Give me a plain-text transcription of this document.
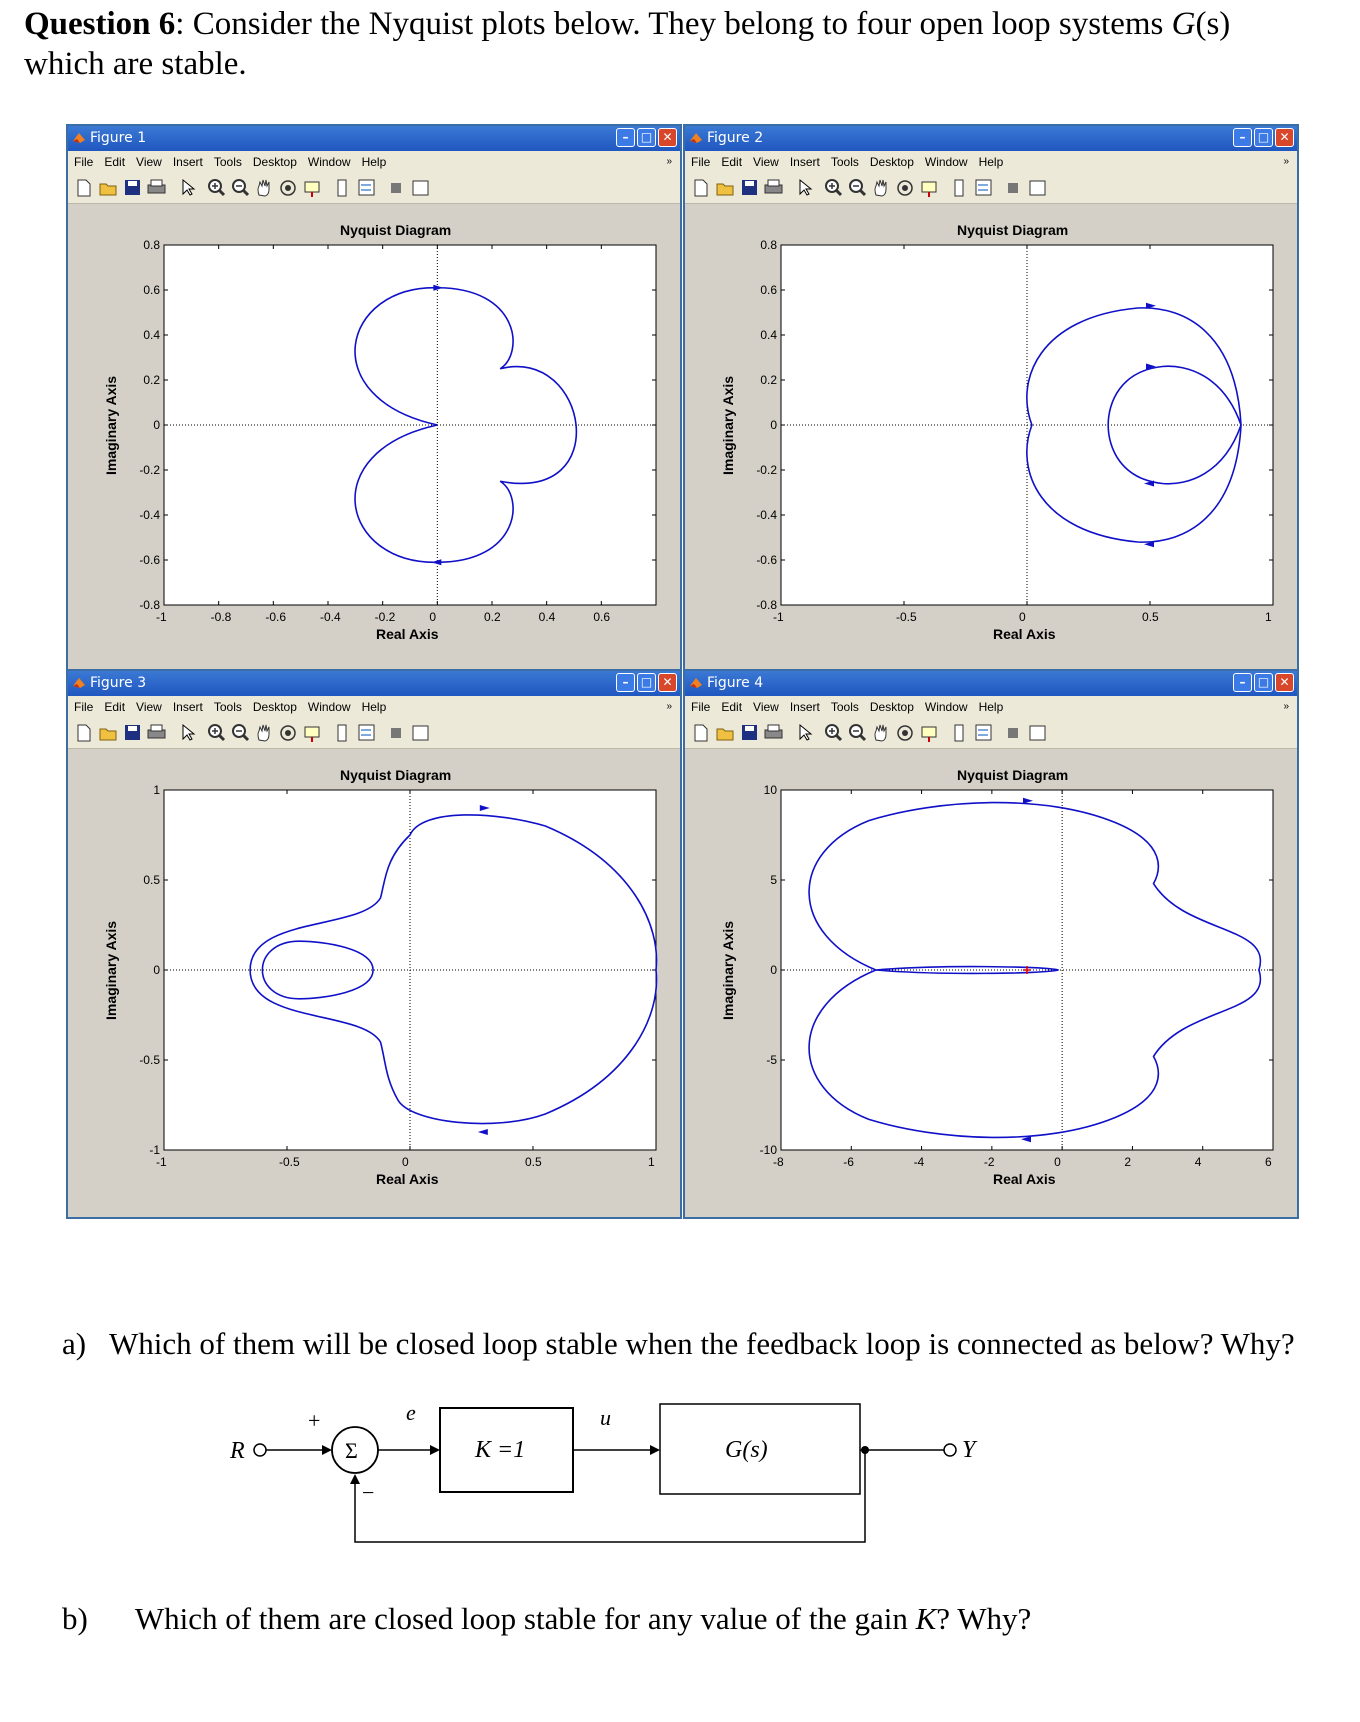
Question 6: Consider the Nyquist plots below. They belong to four open loop systems G(s)
which are stable.
Figure 1	–	□ ✕
File Edit View Insert Tools Desktop Window Help	»
Nyquist Diagram
-1	-0.8	-0.6	-0.4	-0.2	0	0.2	0.4	0.6
-0.8
-0.6
-0.4
-0.2
0
0.2
0.4
0.6
0.8
Real Axis
Imaginary Axis
Figure 2	–	□ ✕
File Edit View Insert Tools Desktop Window Help	»
Nyquist Diagram
-1	-0.5	0	0.5	1
-0.8
-0.6
-0.4
-0.2
0
0.2
0.4
0.6
0.8
Real Axis
Imaginary Axis
Figure 3	–	□ ✕
File Edit View Insert Tools Desktop Window Help	»
Nyquist Diagram
-1	-0.5	0	0.5	1
-1
-0.5
0
0.5
1
Real Axis
Imaginary Axis
Figure 4	–	□ ✕
File Edit View Insert Tools Desktop Window Help	»
Nyquist Diagram
-8	-6	-4	-2	0	2	4	6
-10
-5
0
5
10
Real Axis
Imaginary Axis
a) Which of them will be closed loop stable when the feedback loop is connected as below? Why?
R
+
Σ
−
e
K =1
u
G(s)	Y
b) Which of them are closed loop stable for any value of the gain K? Why?
